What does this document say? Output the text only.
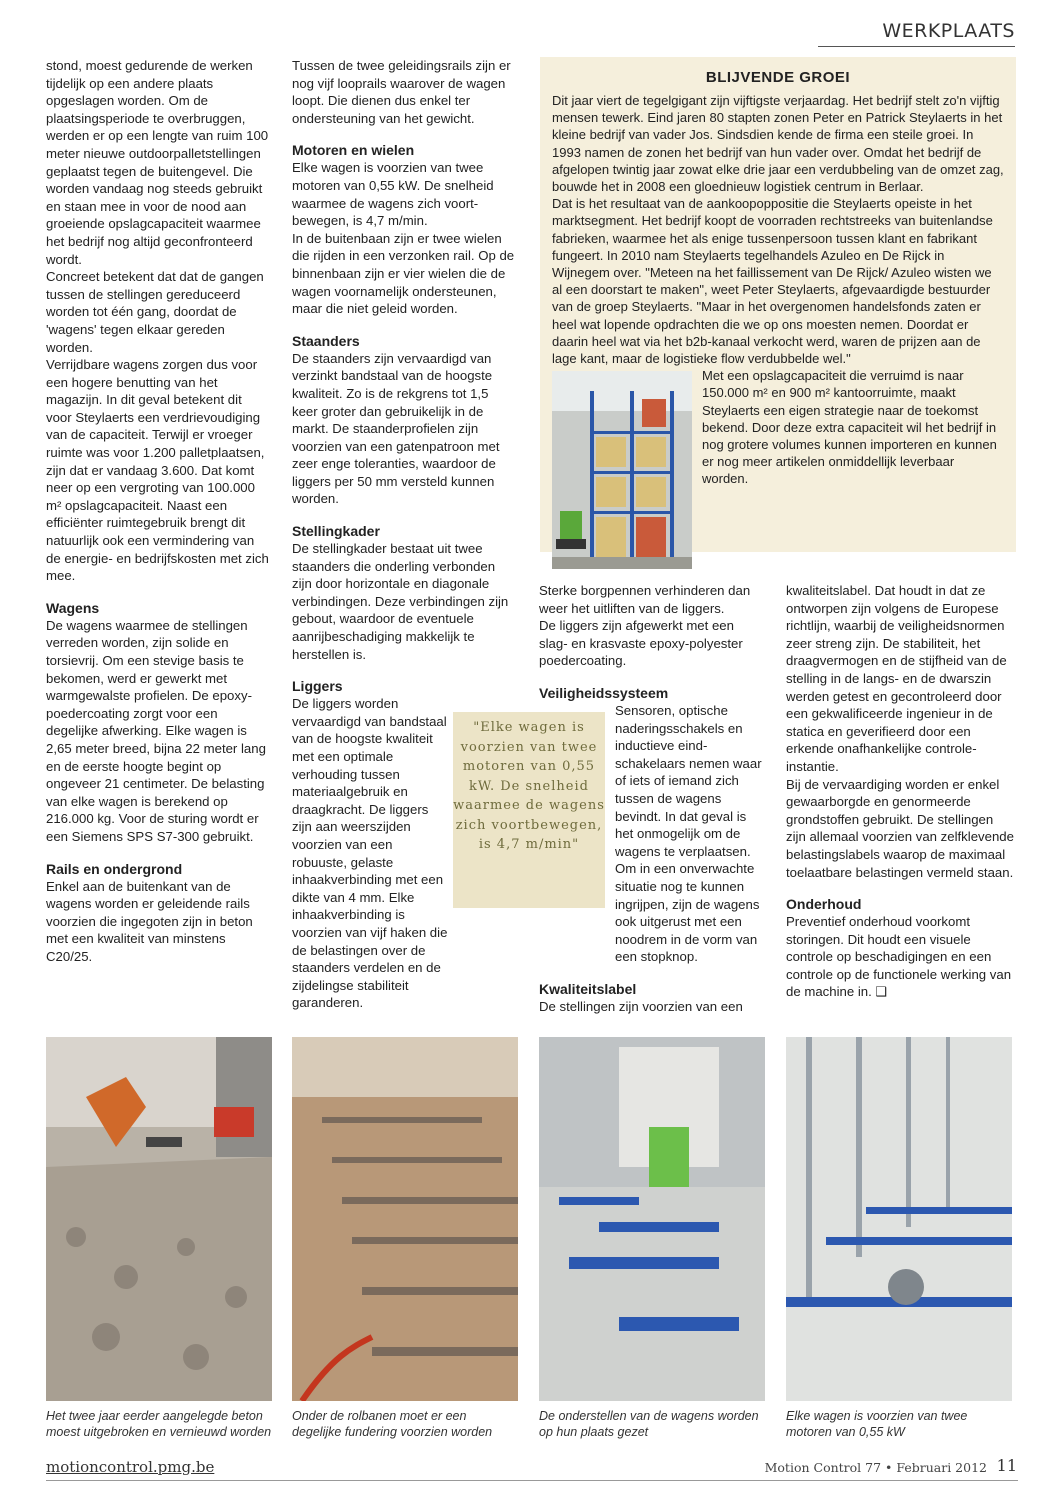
WERKPLAATS

stond, moest gedurende de werken tijdelijk op een andere plaats opgeslagen worden. Om de plaatsingsperiode te overbruggen, werden er op een lengte van ruim 100 meter nieuwe outdoorpalletstellingen geplaatst tegen de buitengevel. Die worden vandaag nog steeds gebruikt en staan mee in voor de nood aan groeiende opslagcapaciteit waarmee het bedrijf nog altijd geconfronteerd wordt.

Concreet betekent dat dat de gangen tussen de stellingen gereduceerd worden tot één gang, doordat de 'wagens' tegen elkaar gereden worden.

Verrijdbare wagens zorgen dus voor een hogere benutting van het magazijn. In dit geval betekent dit voor Steylaerts een verdrievoudiging van de capaciteit. Terwijl er vroeger ruimte was voor 1.200 palletplaatsen, zijn dat er vandaag 3.600. Dat komt neer op een vergroting van 100.000 m² opslagcapaciteit. Naast een efficiënter ruimtegebruik brengt dit natuurlijk ook een vermindering van de energie- en bedrijfskosten met zich mee.

Wagens

De wagens waarmee de stellingen verreden worden, zijn solide en torsievrij. Om een stevige basis te bekomen, werd er gewerkt met warmgewalste profielen. De epoxypoedercoating zorgt voor een degelijke afwerking. Elke wagen is 2,65 meter breed, bijna 22 meter lang en de eerste hoogte begint op ongeveer 21 centimeter. De belasting van elke wagen is berekend op 216.000 kg. Voor de sturing wordt er een Siemens SPS S7-300 gebruikt.

Rails en ondergrond

Enkel aan de buitenkant van de wagens worden er geleidende rails voorzien die ingegoten zijn in beton met een kwaliteit van minstens C20/25.

Tussen de twee geleidingsrails zijn er nog vijf looprails waarover de wagen loopt. Die dienen dus enkel ter ondersteuning van het gewicht.

Motoren en wielen

Elke wagen is voorzien van twee motoren van 0,55 kW. De snelheid waarmee de wagens zich voortbewegen, is 4,7 m/min.

In de buitenbaan zijn er twee wielen die rijden in een verzonken rail. Op de binnenbaan zijn er vier wielen die de wagen voornamelijk ondersteunen, maar die niet geleid worden.

Staanders

De staanders zijn vervaardigd van verzinkt bandstaal van de hoogste kwaliteit. Zo is de rekgrens tot 1,5 keer groter dan gebruikelijk in de markt. De staanderprofielen zijn voorzien van een gatenpatroon met zeer enge toleranties, waardoor de liggers per 50 mm versteld kunnen worden.

Stellingkader

De stellingkader bestaat uit twee staanders die onderling verbonden zijn door horizontale en diagonale verbindingen. Deze verbindingen zijn gebout, waardoor de eventuele aanrijbeschadiging makkelijk te herstellen is.

Liggers

De liggers worden vervaardigd van bandstaal van de hoogste kwaliteit met een optimale verhouding tussen materiaalgebruik en draagkracht. De liggers zijn aan weerszijden voorzien van een robuuste, gelaste inhaakverbinding met een dikte van 4 mm. Elke inhaakverbinding is voorzien van vijf haken die de belastingen over de staanders verdelen en de zijdelingse stabiliteit garanderen.

BLIJVENDE GROEI

Dit jaar viert de tegelgigant zijn vijftigste verjaardag. Het bedrijf stelt zo'n vijftig mensen tewerk. Eind jaren 80 stapten zonen Peter en Patrick Steylaerts in het kleine bedrijf van vader Jos. Sindsdien kende de firma een steile groei. In 1993 namen de zonen het bedrijf van hun vader over. Omdat het bedrijf de afgelopen twintig jaar zowat elke drie jaar een verdubbeling van de omzet zag, bouwde het in 2008 een gloednieuw logistiek centrum in Berlaar.

Dat is het resultaat van de aankoopoppositie die Steylaerts opeiste in het marktsegment. Het bedrijf koopt de voorraden rechtstreeks van buitenlandse fabrieken, waarmee het als enige tussenpersoon tussen klant en fabrikant fungeert. In 2010 nam Steylaerts tegelhandels Azuleo en De Rijck in Wijnegem over. "Meteen na het faillissement van De Rijck/ Azuleo wisten we al een doorstart te maken", weet Peter Steylaerts, afgevaardigde bestuurder van de groep Steylaerts. "Maar in het overgenomen handelsfonds zaten er heel wat lopende opdrachten die we op ons moesten nemen. Doordat er daarin heel wat via het b2b-kanaal verkocht werd, waren de prijzen aan de lage kant, maar de logistieke flow verdubbelde wel."

Met een opslagcapaciteit die verruimd is naar 150.000 m² en 900 m² kantoorruimte, maakt Steylaerts een eigen strategie naar de toekomst bekend. Door deze extra capaciteit wil het bedrijf in nog grotere volumes kunnen importeren en kunnen er nog meer artikelen onmiddellijk leverbaar worden.

Sterke borgpennen verhinderen dan weer het uitliften van de liggers.

De liggers zijn afgewerkt met een slag- en krasvaste epoxy-polyester poedercoating.

Veiligheidssysteem

Sensoren, optische naderingsschakels en inductieve eindschakelaars nemen waar of iets of iemand zich tussen de wagens bevindt. In dat geval is het onmogelijk om de wagens te verplaatsen. Om in een onverwachte situatie nog te kunnen ingrijpen, zijn de wagens ook uitgerust met een noodrem in de vorm van een stopknop.

Kwaliteitslabel

De stellingen zijn voorzien van een

"Elke wagen is voorzien van twee motoren van 0,55 kW. De snelheid waarmee de wagens zich voortbewegen, is 4,7 m/min"

kwaliteitslabel. Dat houdt in dat ze ontworpen zijn volgens de Europese richtlijn, waarbij de veiligheidsnormen zeer streng zijn. De stabiliteit, het draagvermogen en de stijfheid van de stelling in de langs- en de dwarszin werden getest en gecontroleerd door een gekwalificeerde ingenieur in de statica en geverifieerd door een erkende onafhankelijke controle-instantie.

Bij de vervaardiging worden er enkel gewaarborgde en genormeerde grondstoffen gebruikt. De stellingen zijn allemaal voorzien van zelfklevende belastingslabels waarop de maximaal toelaatbare belastingen vermeld staan.

Onderhoud

Preventief onderhoud voorkomt storingen. Dit houdt een visuele controle op beschadigingen en een controle op de functionele werking van de machine in. ❑

Het twee jaar eerder aangelegde beton moest uitgebroken en vernieuwd worden
Onder de rolbanen moet er een degelijke fundering voorzien worden
De onderstellen van de wagens worden op hun plaats gezet
Elke wagen is voorzien van twee motoren van 0,55 kW
motioncontrol.pmg.be	Motion Control 77 • Februari 2012 11
